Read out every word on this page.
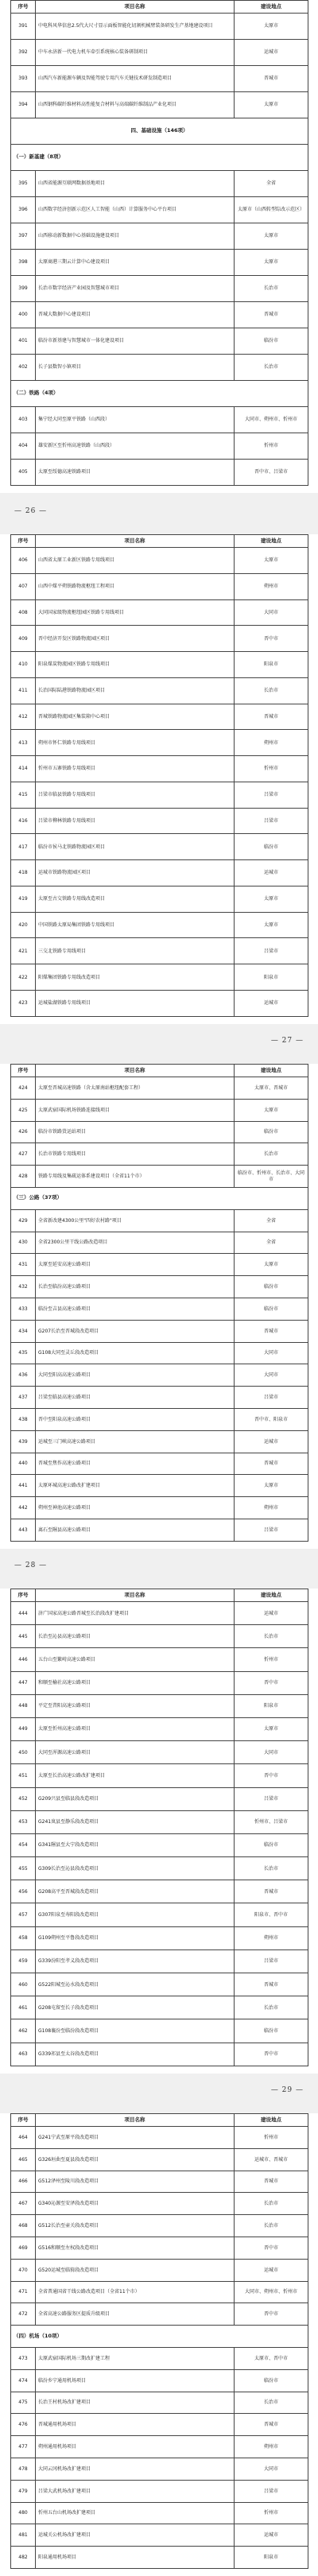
序号	项目名称	建设地点
391	中电科风华信息2.5代大尺寸显示面板智能化切割机械臂装备研发生产基地建设项目	太原市
392	中车永济新一代电力机车牵引系统核心装备研制项目	运城市
393	山西汽车新能源车辆及智能驾驶专用汽车关键技术研发制造项目	晋城市
394	山西钢科碳纤维材料高性能复合材料与高端碳纤维制品产业化项目	太原市
四、基础设施（146项）		
（一）新基建（8项）		
395	山西省能源互联网数据基地项目	全省
396	山西数字经济创新示范区人工智能（山西）计算服务中心平台项目	太原市（山西转型综改示范区）
397	山西移动新数据中心基础设施建设项目	太原市
398	太原商港三期云计算中心建设项目	太原市
399	长治市数字经济产业园及智慧城市项目	长治市
400	晋城大数据中心建设项目	晋城市
401	临汾市新基建与智慧城市一体化建设项目	临汾市
402	长子县数智小镇项目	长治市
（二）铁路（4项）		
403	集宁经大同至原平铁路（山西段）	大同市、朔州市、忻州市
404	雄安新区至忻州高速铁路（山西段）	忻州市
405	太原至绥德高速铁路项目	晋中市、吕梁市
— 26 —
序号	项目名称	建设地点
406	山西省太原工业新区铁路专用线项目	太原市
407	山西中煤平朔铁路物流枢纽工程项目	朔州市
408	大同国家级物流枢纽园区铁路专用线项目	大同市
409	晋中经济开发区铁路物流园区项目	晋中市
410	阳泉煤炭物流园区铁路专用线项目	阳泉市
411	长治国际陆港铁路物流园区项目	长治市
412	晋城铁路物流园区集装箱中心项目	晋城市
413	朔州市怀仁铁路专用线项目	朔州市
414	忻州市五寨铁路专用线项目	忻州市
415	吕梁市临县铁路专用线项目	吕梁市
416	吕梁市柳林铁路专用线项目	吕梁市
417	临汾市侯马北铁路物流园区项目	临汾市
418	运城市铁路物流园区项目	运城市
419	太原至古交铁路专用线改造项目	太原市
420	中国铁路太原局集团铁路专用线项目	太原市
421	三交北铁路专用线项目	吕梁市
422	阳煤集团铁路专用线改造项目	阳泉市
423	运城盐湖铁路专用线项目	运城市
— 27 —
序号	项目名称	建设地点
424	太原至晋城高速铁路（含太原南站枢纽配套工程）	太原市、晋城市
425	太原武宿国际机场铁路连接线项目	太原市
426	临汾市铁路货运站项目	临汾市
427	长治市铁路专用线项目	长治市
428	铁路专用线及集疏运体系建设项目（全省11个市）	临汾市、忻州市、长治市、大同市
（三）公路（37项）		
429	全省新改建4300公里"四好农村路"项目	全省
430	全省2300公里干线公路改造项目	全省
431	太原至延安高速公路项目	太原市
432	长治至临汾高速公路项目	临汾市
433	临汾至吉县高速公路项目	临汾市
434	G207长治至晋城段改造项目	晋城市
435	G108大同至灵丘段改造项目	大同市
436	大同至阳高高速公路项目	大同市
437	吕梁至临县高速公路项目	吕梁市
438	晋中至阳泉高速公路项目	晋中市、阳泉市
439	运城至三门峡高速公路项目	运城市
440	晋城至焦作高速公路项目	晋城市
441	太原环城高速公路改扩建项目	太原市
442	朔州至神池高速公路项目	朔州市
443	离石至隰县高速公路项目	吕梁市
— 28 —
序号	项目名称	建设地点
444	济广国家高速公路晋城至长治段改扩建项目	运城市
445	长治至沁县高速公路项目	长治市
446	五台山至繁峙高速公路项目	忻州市
447	和顺至榆社高速公路项目	晋中市
448	平定至昔阳高速公路项目	阳泉市
449	太原至忻州高速公路项目	太原市
450	大同至浑源高速公路项目	大同市
451	太原至长治高速公路改扩建项目	晋中市
452	G209兴县至临县段改造项目	吕梁市
453	G241岚县至静乐段改造项目	忻州市、吕梁市
454	G341隰县至大宁段改造项目	临汾市
455	G309长治至沁县段改造项目	长治市
456	G208高平至晋城段改造项目	晋城市
457	G307阳泉至寿阳段改造项目	阳泉市、晋中市
458	G109朔州至平鲁段改造项目	朔州市
459	G339汾阳至孝义段改造项目	吕梁市
460	G522阳城至沁水段改造项目	晋城市
461	G208屯留至长子段改造项目	长治市
462	G108襄汾至临汾段改造项目	临汾市
463	G339祁县至太谷段改造项目	晋中市
— 29 —
序号	项目名称	建设地点
464	G241宁武至原平段改造项目	忻州市
465	G326垣曲至夏县段改造项目	运城市、晋城市
466	G512泽州至陵川段改造项目	晋城市
467	G340沁源至安泽段改造项目	长治市
468	G512长治至壶关段改造项目	长治市
469	G516和顺至左权段改造项目	晋中市
470	G520运城至临猗段改造项目	运城市
471	全省普通国省干线公路改造项目（全省11个市）	大同市、朔州市、忻州市
472	全省高速公路服务区提质升级项目	晋中市
（四）机场（10项）		
473	太原武宿国际机场三期改扩建工程	太原市、晋中市
474	临汾乡宁通用机场项目	临汾市
475	长治王村机场改扩建项目	长治市
476	晋城通用机场项目	晋城市
477	朔州通用机场项目	朔州市
478	大同云冈机场改扩建项目	大同市
479	吕梁大武机场改扩建项目	吕梁市
480	忻州五台山机场改扩建项目	忻州市
481	运城关公机场改扩建项目	运城市
482	阳泉通用机场项目	阳泉市
